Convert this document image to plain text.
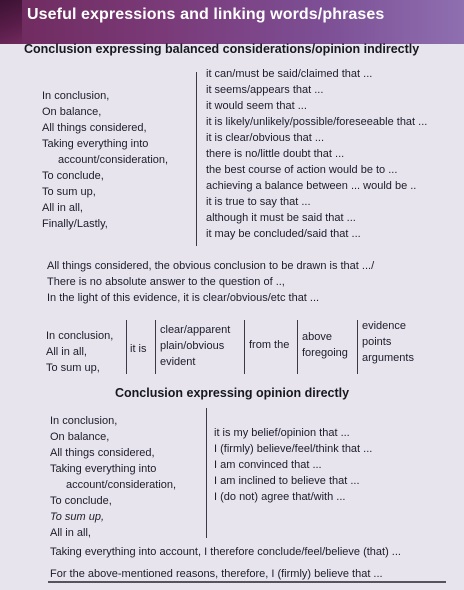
Useful expressions and linking words/phrases
Conclusion expressing balanced considerations/opinion indirectly
In conclusion,
On balance,
All things considered,
Taking everything into
account/consideration,
To conclude,
To sum up,
All in all,
Finally/Lastly,
it can/must be said/claimed that ...
it seems/appears that ...
it would seem that ...
it is likely/unlikely/possible/foreseeable that ...
it is clear/obvious that ...
there is no/little doubt that ...
the best course of action would be to ...
achieving a balance between ... would be ..
it is true to say that ...
although it must be said that ...
it may be concluded/said that ...
All things considered, the obvious conclusion to be drawn is that .../
There is no absolute answer to the question of ..,
In the light of this evidence, it is clear/obvious/etc that ...
In conclusion,
All in all,
To sum up,
it is
clear/apparent
plain/obvious
evident
from the
above
foregoing
evidence
points
arguments
Conclusion expressing opinion directly
In conclusion,
On balance,
All things considered,
Taking everything into
account/consideration,
To conclude,
To sum up,
All in all,
it is my belief/opinion that ...
I (firmly) believe/feel/think that ...
I am convinced that ...
I am inclined to believe that ...
I (do not) agree that/with ...
Taking everything into account, I therefore conclude/feel/believe (that) ...
For the above-mentioned reasons, therefore, I (firmly) believe that ...
